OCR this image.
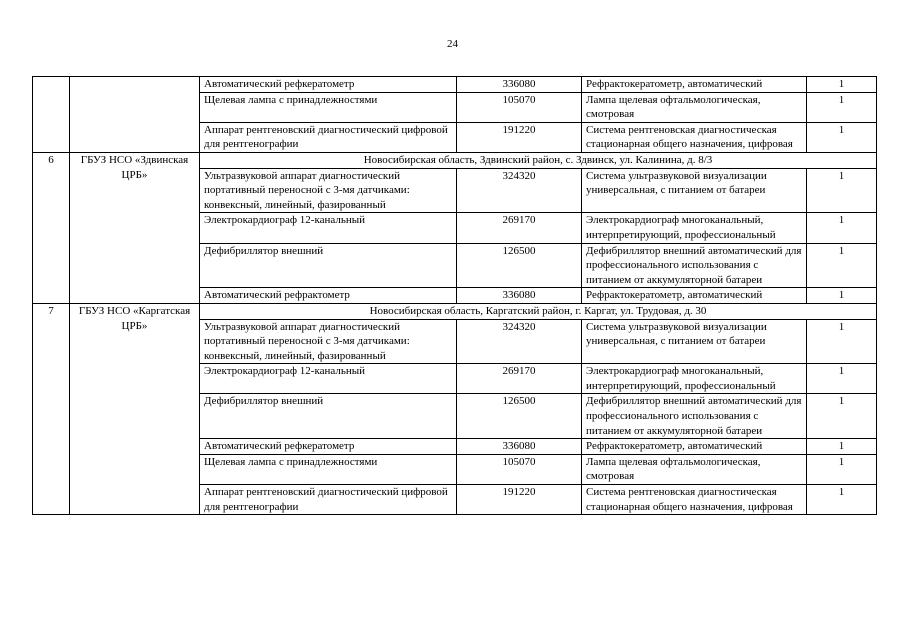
24
		Автоматический рефкератометр	336080	Рефрактокератометр, автоматический	1
		Щелевая лампа с принадлежностями	105070	Лампа щелевая офтальмологическая, смотровая	1
		Аппарат рентгеновский диагностический цифровой для рентгенографии	191220	Система рентгеновская диагностическая стационарная общего назначения, цифровая	1
6	ГБУЗ НСО «Здвинская ЦРБ»	Новосибирская область, Здвинский район, с. Здвинск, ул. Калинина, д. 8/3			
		Ультразвуковой аппарат диагностический портативный переносной с 3-мя датчиками: конвексный, линейный, фазированный	324320	Система ультразвуковой визуализации универсальная, с питанием от батареи	1
		Электрокардиограф 12-канальный	269170	Электрокардиограф многоканальный, интерпретирующий, профессиональный	1
		Дефибриллятор внешний	126500	Дефибриллятор внешний автоматический для профессионального использования с питанием от аккумуляторной батареи	1
		Автоматический рефрактометр	336080	Рефрактокератометр, автоматический	1
7	ГБУЗ НСО «Каргатская ЦРБ»	Новосибирская область, Каргатский район, г. Каргат, ул. Трудовая, д. 30			
		Ультразвуковой аппарат диагностический портативный переносной с 3-мя датчиками: конвексный, линейный, фазированный	324320	Система ультразвуковой визуализации универсальная, с питанием от батареи	1
		Электрокардиограф 12-канальный	269170	Электрокардиограф многоканальный, интерпретирующий, профессиональный	1
		Дефибриллятор внешний	126500	Дефибриллятор внешний автоматический для профессионального использования с питанием от аккумуляторной батареи	1
		Автоматический рефкератометр	336080	Рефрактокератометр, автоматический	1
		Щелевая лампа с принадлежностями	105070	Лампа щелевая офтальмологическая, смотровая	1
		Аппарат рентгеновский диагностический цифровой для рентгенографии	191220	Система рентгеновская диагностическая стационарная общего назначения, цифровая	1
